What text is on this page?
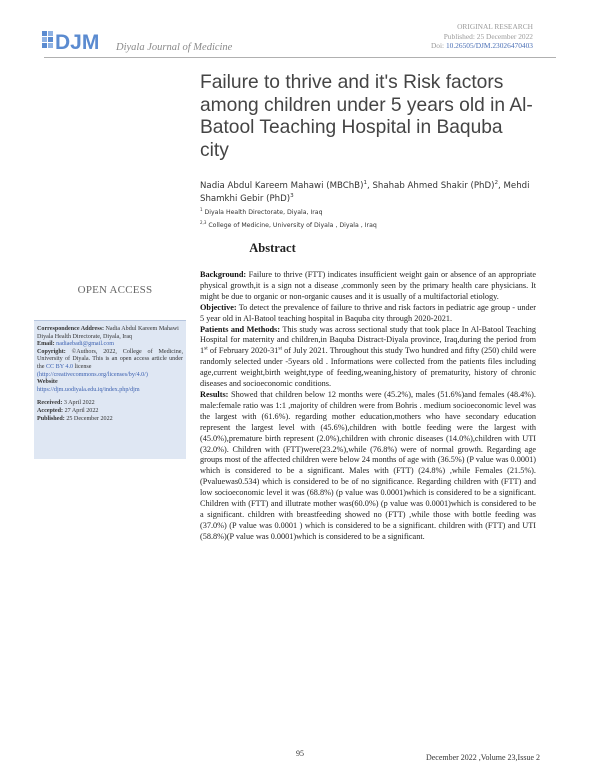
DJM Diyala Journal of Medicine
ORIGINAL RESEARCH
Published: 25 December 2022
Doi: 10.26505/DJM.23026470403
Failure to thrive and it's Risk factors among children under 5 years old in Al-Batool Teaching Hospital in Baquba city
Nadia Abdul Kareem Mahawi (MBChB)$^1$, Shahab Ahmed Shakir (PhD)$^2$, Mehdi Shamkhi Gebir (PhD)$^3$
$^1$ Diyala Health Directorate, Diyala, Iraq
$^{2,3}$ College of Medicine, University of Diyala , Diyala , Iraq
Abstract
OPEN ACCESS
Correspondence Address: Nadia Abdul Kareem Mahawi
Diyala Health Directorate, Diyala, Iraq
Email: nadiaebadi@gmail.com
Copyright: ©Authors, 2022, College of Medicine, University of Diyala. This is an open access article under the CC BY 4.0 license
(http://creativecommons.org/licenses/by/4.0/)
Website
https://djm.uodiyala.edu.iq/index.php/djm
Received: 3 April 2022
Accepted: 27 April 2022
Published: 25 December 2022

Background: Failure to thrive (FTT) indicates insufficient weight gain or absence of an appropriate physical growth,it is a sign not a disease ,commonly seen by the primary health care physicians. It might be due to organic or non-organic causes and it is usually of a multifactorial etiology.

Objective: To detect the prevalence of failure to thrive and risk factors in pediatric age group - under 5 year old in Al-Batool teaching hospital in Baquba city through 2020-2021.

Patients and Methods: This study was across sectional study that took place In Al-Batool Teaching Hospital for maternity and children,in Baquba Distract-Diyala province, Iraq,during the period from 1st of February 2020-31st of July 2021. Throughout this study Two hundred and fifty (250) child were randomly selected under -5years old . Informations were collected from the patients files including age,current weight,birth weight,type of feeding,weaning,history of prematurity, history of chronic diseases and socioeconomic conditions.

Results: Showed that children below 12 months were (45.2%), males (51.6%)and females (48.4%). male:female ratio was 1:1 ,majority of children were from Bohris . medium socioeconomic level was the largest with (61.6%). regarding mother education,mothers who have secondary education represent the largest level with (45.6%),children with bottle feeding were the largest with (45.0%),premature birth represent (2.0%),children with chronic diseases (14.0%),children with UTI (32.0%). Children with (FTT)were(23.2%),while (76.8%) were of normal growth. Regarding age groups most of the affected children were below 24 months of age with (36.5%) (P value was 0.0001) which is considered to be a significant. Males with (FTT) (24.8%) ,while Females (21.5%). (Pvaluewas0.534) which is considered to be of no significance. Regarding children with (FTT) and low socioeconomic level it was (68.8%) (p value was 0.0001)which is considered to be a significant. Children with (FTT) and illutrate mother was(60.0%) (p value was 0.0001)which is considered to be a significant. children with breastfeeding showed no (FTT) ,while those with bottle feeding was (37.0%) (P value was 0.0001 ) which is considered to be a significant. children with (FTT) and UTI (58.8%)(P value was 0.0001)which is considered to be a significant.

95	December 2022 ,Volume 23,Issue 2
